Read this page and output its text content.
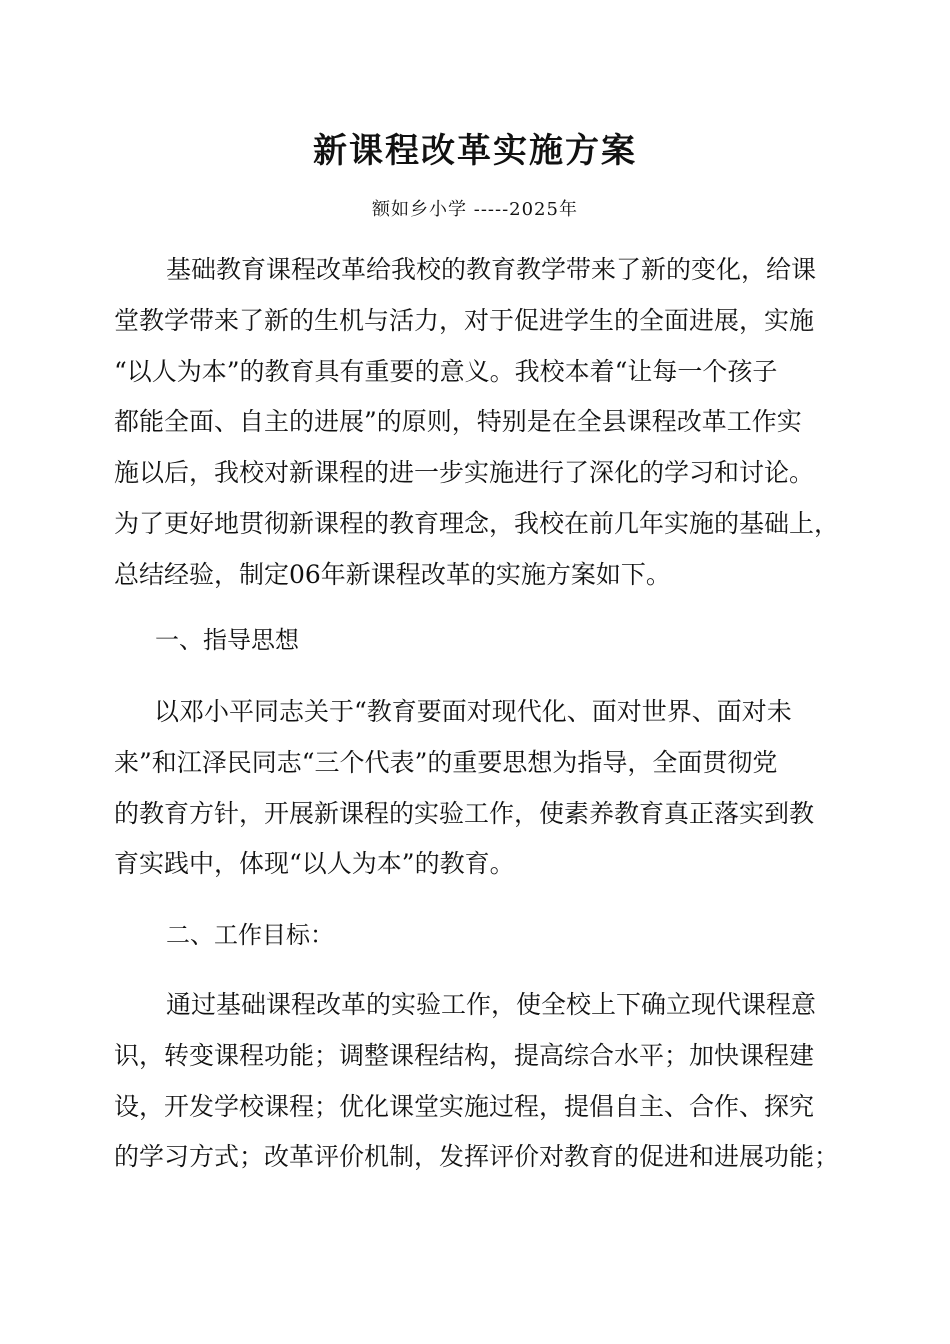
新课程改革实施方案
额如乡小学 -----2025年
基础教育课程改革给我校的教育教学带来了新的变化，给课
堂教学带来了新的生机与活力，对于促进学生的全面进展，实施
“以人为本”的教育具有重要的意义。我校本着“让每一个孩子
都能全面、自主的进展”的原则，特别是在全县课程改革工作实
施以后，我校对新课程的进一步实施进行了深化的学习和讨论。
为了更好地贯彻新课程的教育理念，我校在前几年实施的基础上，
总结经验，制定06年新课程改革的实施方案如下。
一、指导思想
以邓小平同志关于“教育要面对现代化、面对世界、面对未
来”和江泽民同志“三个代表”的重要思想为指导，全面贯彻党
的教育方针，开展新课程的实验工作，使素养教育真正落实到教
育实践中，体现“以人为本”的教育。
二、工作目标：
通过基础课程改革的实验工作，使全校上下确立现代课程意
识，转变课程功能；调整课程结构，提高综合水平；加快课程建
设，开发学校课程；优化课堂实施过程，提倡自主、合作、探究
的学习方式；改革评价机制，发挥评价对教育的促进和进展功能；
